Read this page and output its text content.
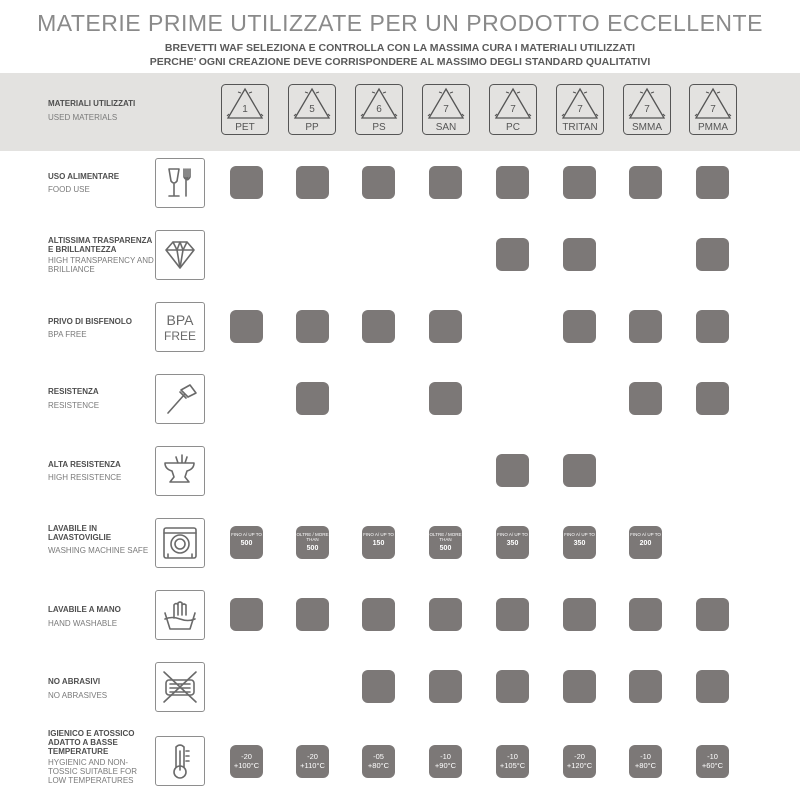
MATERIE PRIME UTILIZZATE PER UN PRODOTTO ECCELLENTE
BREVETTI WAF SELEZIONA E CONTROLLA CON LA MASSIMA CURA I MATERIALI UTILIZZATI
PERCHE’ OGNI CREAZIONE DEVE CORRISPONDERE AL MASSIMO DEGLI STANDARD QUALITATIVI
MATERIALI UTILIZZATI
USED MATERIALS
1
PET
5
PP
6
PS
7
SAN
7
PC
7
TRITAN
7
SMMA
7
PMMA
USO ALIMENTARE
FOOD USE
ALTISSIMA TRASPARENZA E BRILLANTEZZA
HIGH TRANSPARENCY AND BRILLIANCE
PRIVO DI BISFENOLO
BPA FREE
BPA
FREE
RESISTENZA
RESISTENCE
ALTA RESISTENZA
HIGH RESISTENCE
LAVABILE IN LAVASTOVIGLIE
WASHING MACHINE SAFE
FINO A/ UP TO
500
OLTRE / MORE THAN
500
FINO A/ UP TO
150
OLTRE / MORE THAN
500
FINO A/ UP TO
350
FINO A/ UP TO
350
FINO A/ UP TO
200
LAVABILE A MANO
HAND WASHABLE
NO ABRASIVI
NO ABRASIVES
IGIENICO E ATOSSICO ADATTO A BASSE TEMPERATURE
HYGIENIC AND NON-TOSSIC SUITABLE FOR LOW TEMPERATURES
-20
+100°C
-20
+110°C
-05
+80°C
-10
+90°C
-10
+105°C
-20
+120°C
-10
+80°C
-10
+60°C
